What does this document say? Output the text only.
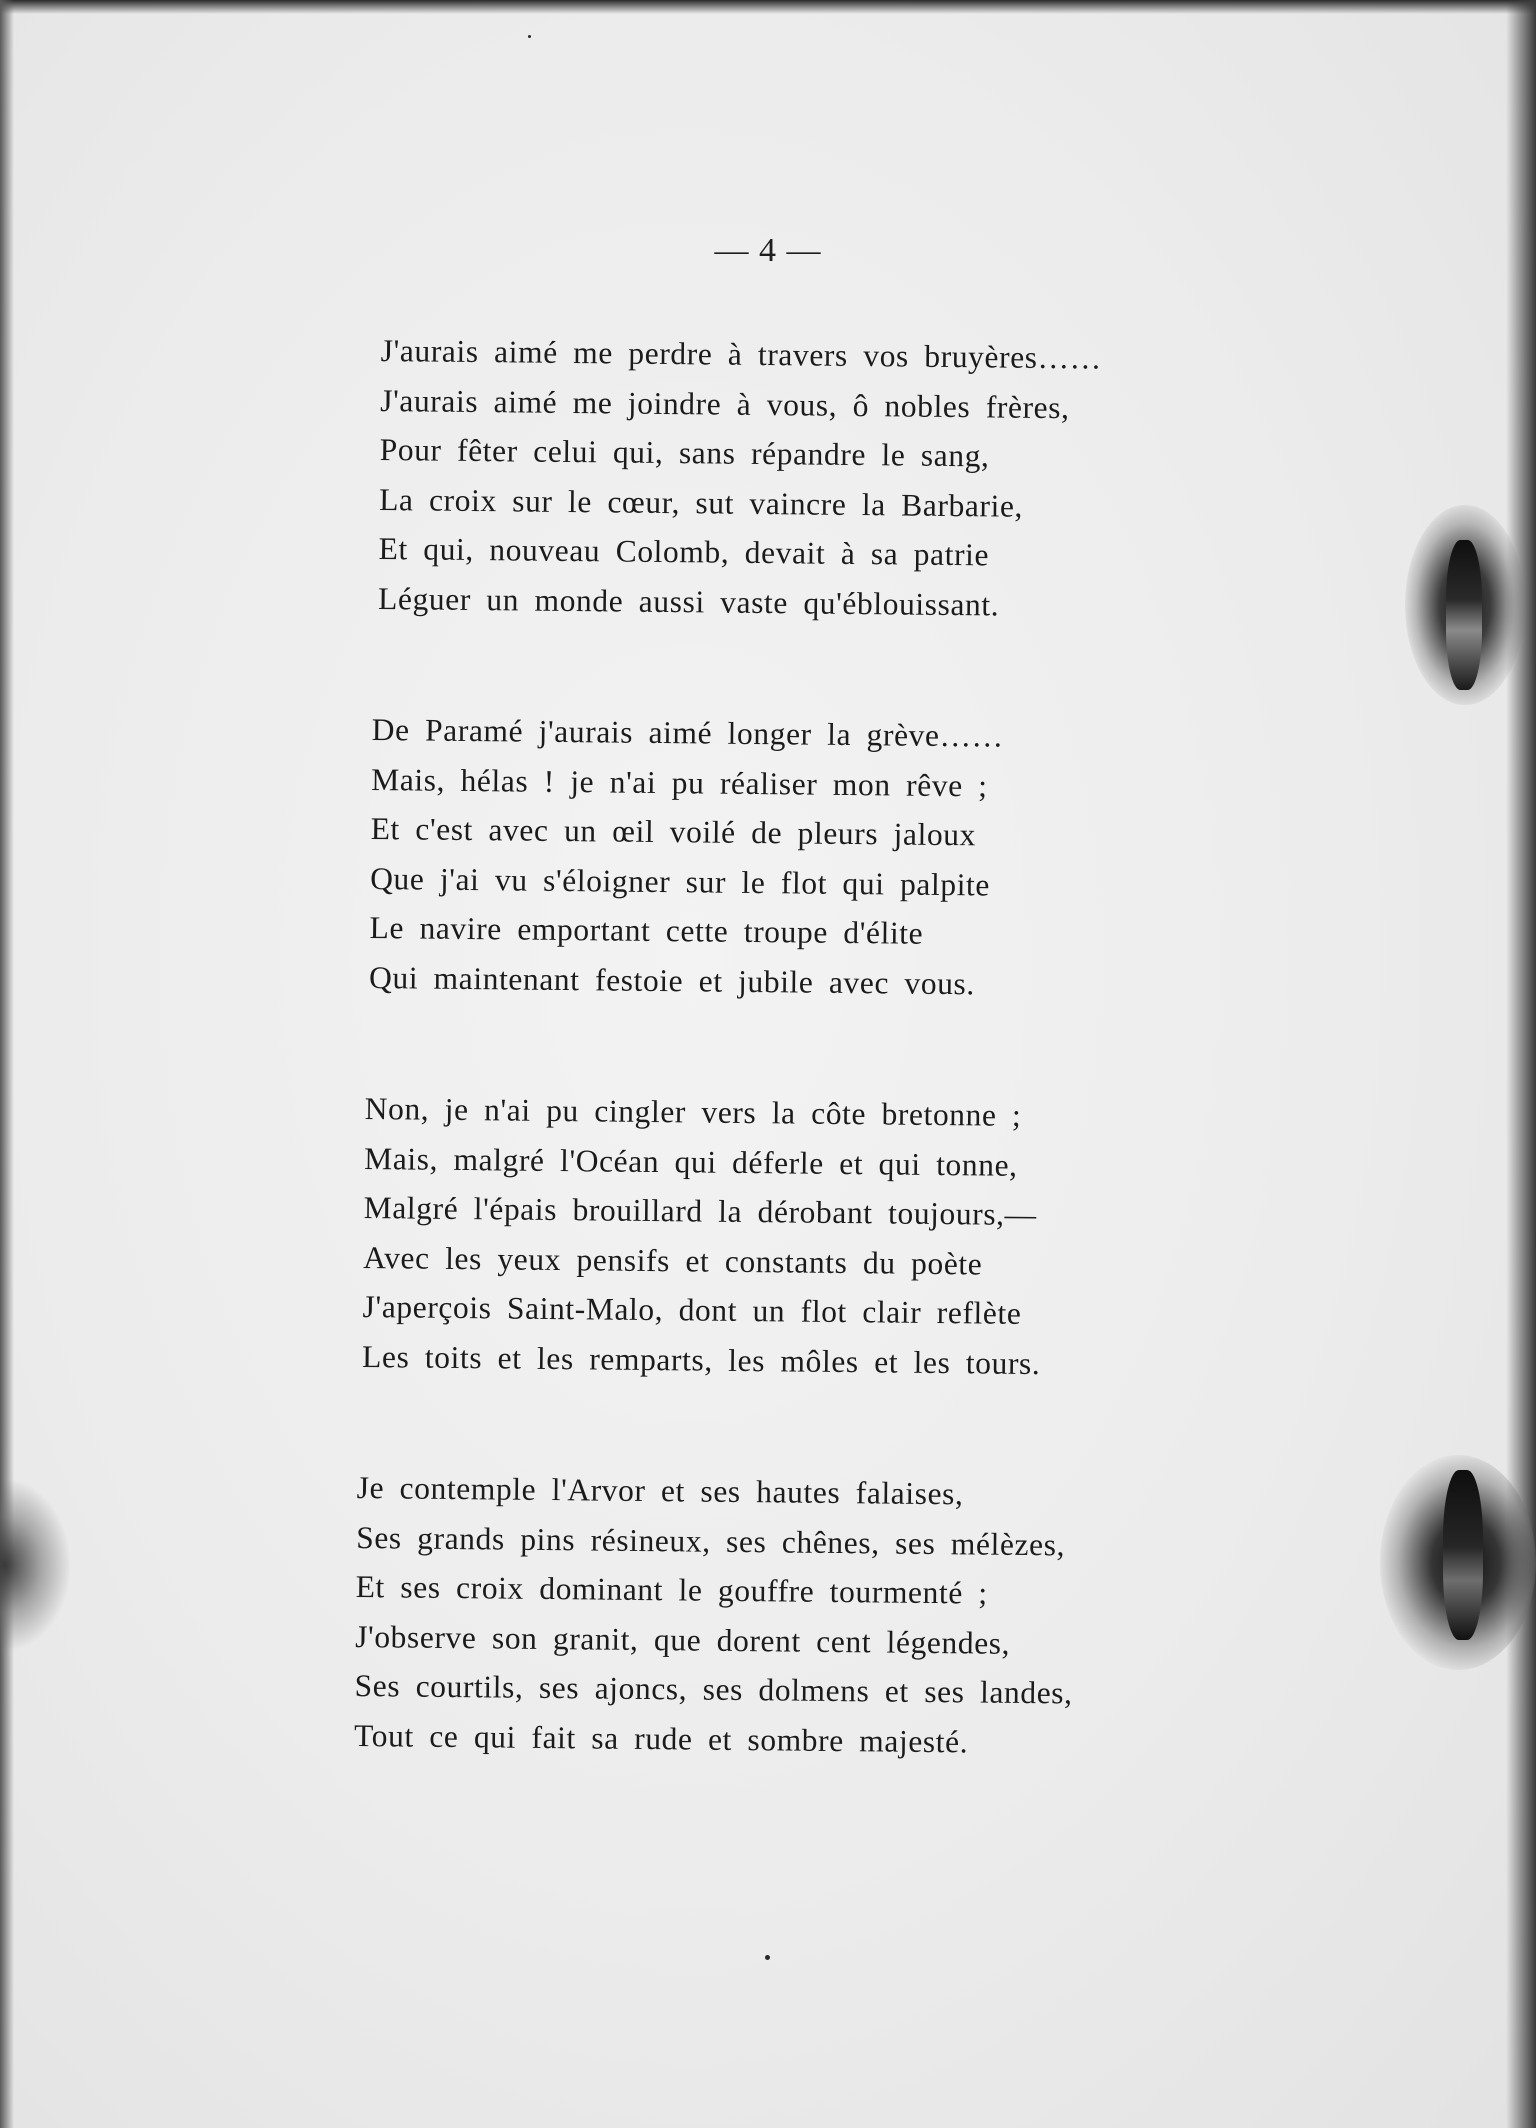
— 4 —
J'aurais aimé me perdre à travers vos bruyères……
J'aurais aimé me joindre à vous, ô nobles frères,
Pour fêter celui qui, sans répandre le sang,
La croix sur le cœur, sut vaincre la Barbarie,
Et qui, nouveau Colomb, devait à sa patrie
Léguer un monde aussi vaste qu'éblouissant.
De Paramé j'aurais aimé longer la grève……
Mais, hélas ! je n'ai pu réaliser mon rêve ;
Et c'est avec un œil voilé de pleurs jaloux
Que j'ai vu s'éloigner sur le flot qui palpite
Le navire emportant cette troupe d'élite
Qui maintenant festoie et jubile avec vous.
Non, je n'ai pu cingler vers la côte bretonne ;
Mais, malgré l'Océan qui déferle et qui tonne,
Malgré l'épais brouillard la dérobant toujours,—
Avec les yeux pensifs et constants du poète
J'aperçois Saint-Malo, dont un flot clair reflète
Les toits et les remparts, les môles et les tours.
Je contemple l'Arvor et ses hautes falaises,
Ses grands pins résineux, ses chênes, ses mélèzes,
Et ses croix dominant le gouffre tourmenté ;
J'observe son granit, que dorent cent légendes,
Ses courtils, ses ajoncs, ses dolmens et ses landes,
Tout ce qui fait sa rude et sombre majesté.
